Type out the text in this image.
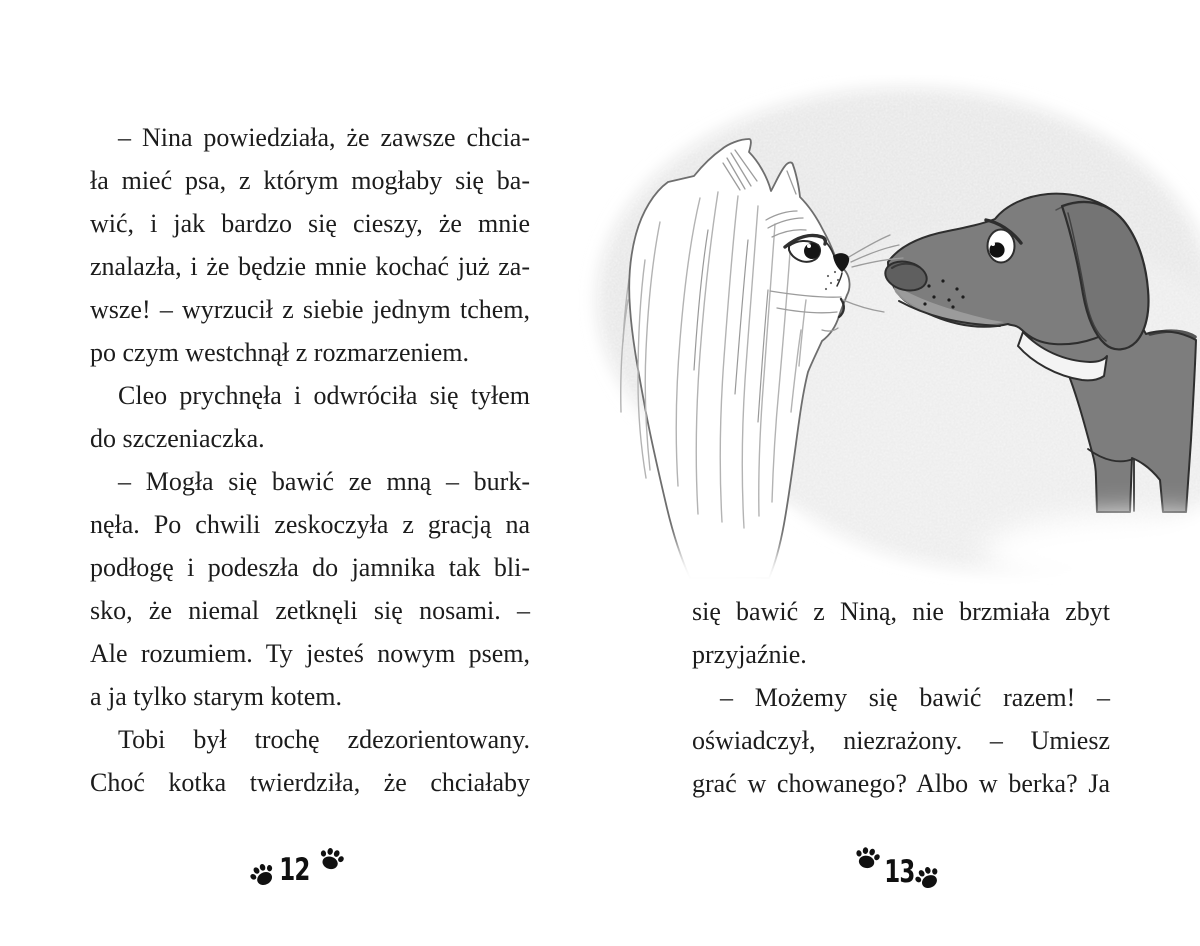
– Nina powiedziała, że zawsze chcia-
ła mieć psa, z którym mogłaby się ba-
wić, i jak bardzo się cieszy, że mnie
znalazła, i że będzie mnie kochać już za-
wsze! – wyrzucił z siebie jednym tchem,
po czym westchnął z rozmarzeniem.
Cleo prychnęła i odwróciła się tyłem
do szczeniaczka.
– Mogła się bawić ze mną – burk-
nęła. Po chwili zeskoczyła z gracją na
podłogę i podeszła do jamnika tak bli-
sko, że niemal zetknęli się nosami. –
Ale rozumiem. Ty jesteś nowym psem,
a ja tylko starym kotem.
Tobi był trochę zdezorientowany.
Choć kotka twierdziła, że chciałaby
12
się bawić z Niną, nie brzmiała zbyt
przyjaźnie.
– Możemy się bawić razem! –
oświadczył, niezrażony. – Umiesz
grać w chowanego? Albo w berka? Ja
13
